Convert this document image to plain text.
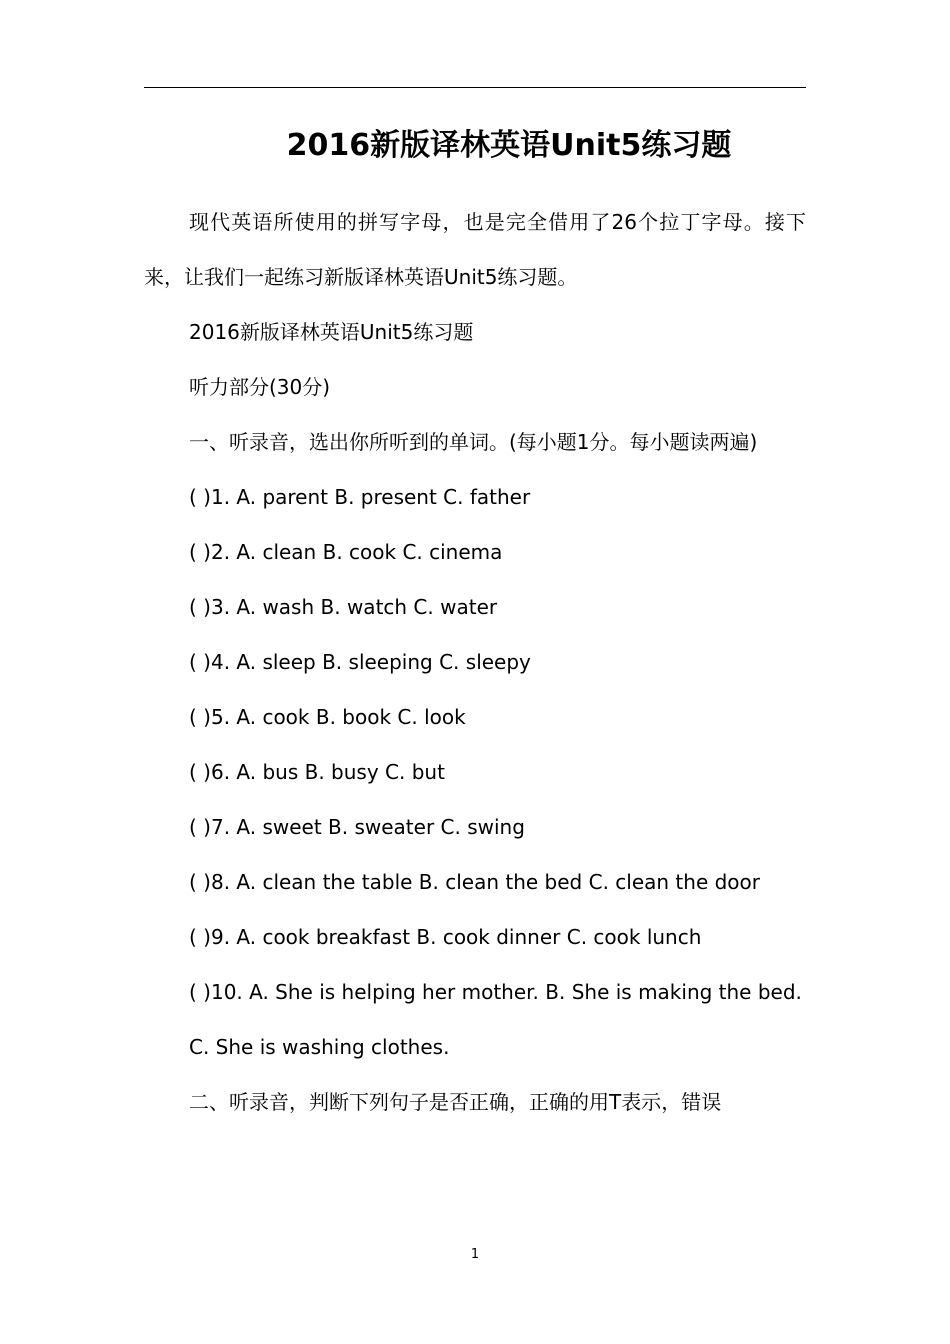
2016新版译林英语Unit5练习题

现代英语所使用的拼写字母，也是完全借用了26个拉丁字母。接下来，让我们一起练习新版译林英语Unit5练习题。

2016新版译林英语Unit5练习题

听力部分(30分)

一、听录音，选出你所听到的单词。(每小题1分。每小题读两遍)

( )1. A. parent B. present C. father

( )2. A. clean B. cook C. cinema

( )3. A. wash B. watch C. water

( )4. A. sleep B. sleeping C. sleepy

( )5. A. cook B. book C. look

( )6. A. bus B. busy C. but

( )7. A. sweet B. sweater C. swing

( )8. A. clean the table B. clean the bed C. clean the door

( )9. A. cook breakfast B. cook dinner C. cook lunch

( )10. A. She is helping her mother. B. She is making the bed.

C. She is washing clothes.

二、听录音，判断下列句子是否正确，正确的用T表示，错误

1
